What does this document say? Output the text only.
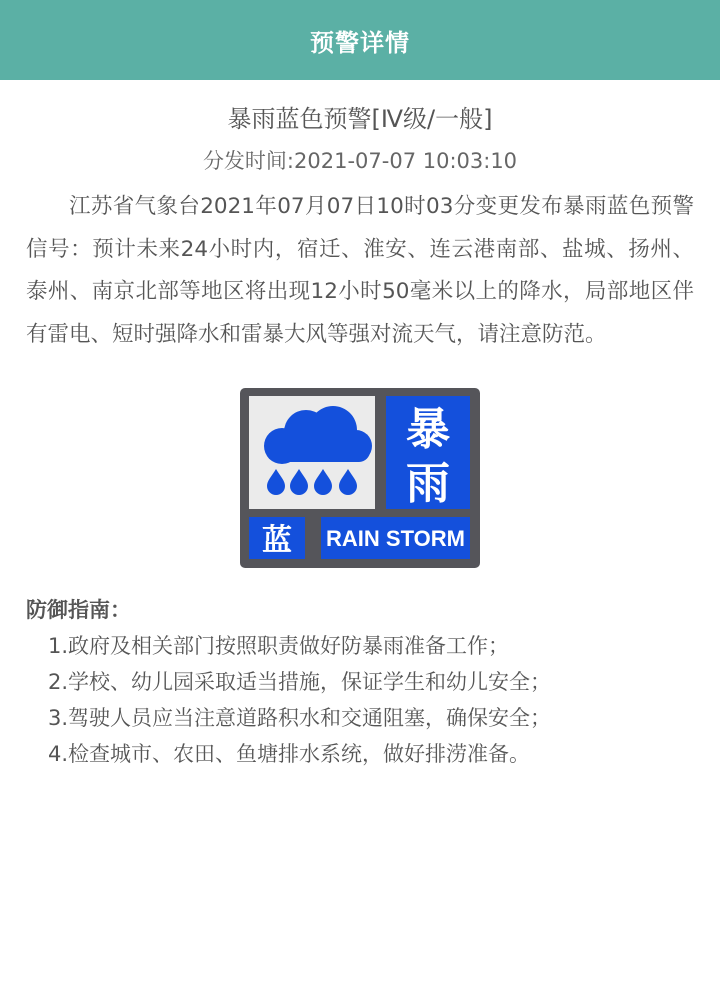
预警详情
暴雨蓝色预警[Ⅳ级/一般]
分发时间:2021-07-07 10:03:10
江苏省气象台2021年07月07日10时03分变更发布暴雨蓝色预警信号：预计未来24小时内，宿迁、淮安、连云港南部、盐城、扬州、泰州、南京北部等地区将出现12小时50毫米以上的降水，局部地区伴有雷电、短时强降水和雷暴大风等强对流天气，请注意防范。
暴
雨
蓝 RAIN STORM
防御指南：
1.政府及相关部门按照职责做好防暴雨准备工作；
2.学校、幼儿园采取适当措施，保证学生和幼儿安全；
3.驾驶人员应当注意道路积水和交通阻塞，确保安全；
4.检查城市、农田、鱼塘排水系统，做好排涝准备。
